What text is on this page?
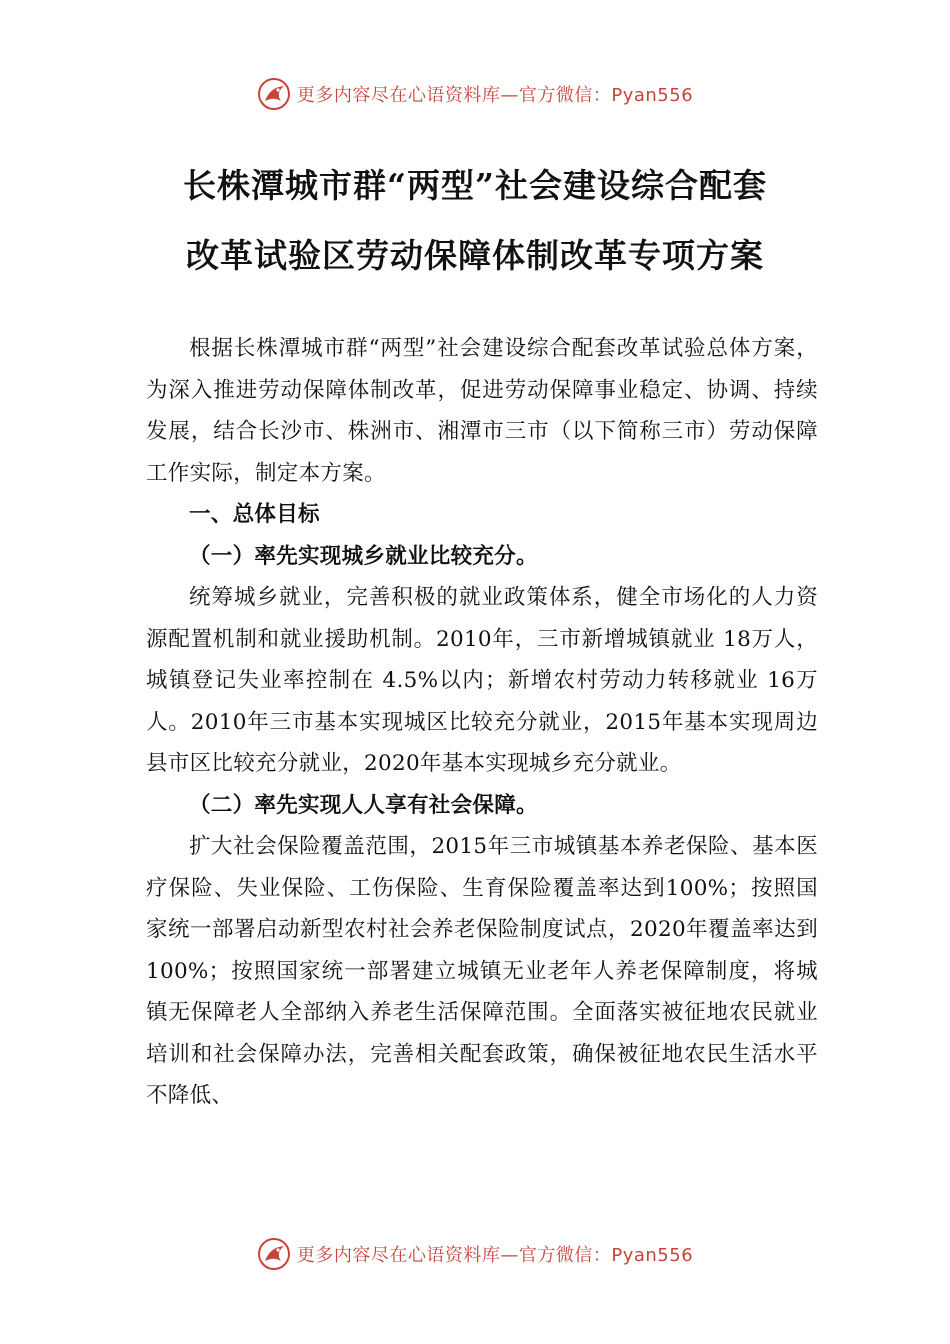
更多内容尽在心语资料库—官方微信：Pyan556
长株潭城市群“两型”社会建设综合配套
改革试验区劳动保障体制改革专项方案

根据长株潭城市群“两型”社会建设综合配套改革试验总体方案，为深入推进劳动保障体制改革，促进劳动保障事业稳定、协调、持续发展，结合长沙市、株洲市、湘潭市三市（以下简称三市）劳动保障工作实际，制定本方案。

一、总体目标

（一）率先实现城乡就业比较充分。

统筹城乡就业，完善积极的就业政策体系，健全市场化的人力资源配置机制和就业援助机制。2010年，三市新增城镇就业 18万人，城镇登记失业率控制在 4.5%以内；新增农村劳动力转移就业 16万人。2010年三市基本实现城区比较充分就业，2015年基本实现周边县市区比较充分就业，2020年基本实现城乡充分就业。

（二）率先实现人人享有社会保障。

扩大社会保险覆盖范围，2015年三市城镇基本养老保险、基本医疗保险、失业保险、工伤保险、生育保险覆盖率达到100%；按照国家统一部署启动新型农村社会养老保险制度试点，2020年覆盖率达到 100%；按照国家统一部署建立城镇无业老年人养老保障制度，将城镇无保障老人全部纳入养老生活保障范围。全面落实被征地农民就业培训和社会保障办法，完善相关配套政策，确保被征地农民生活水平不降低、

更多内容尽在心语资料库—官方微信：Pyan556
